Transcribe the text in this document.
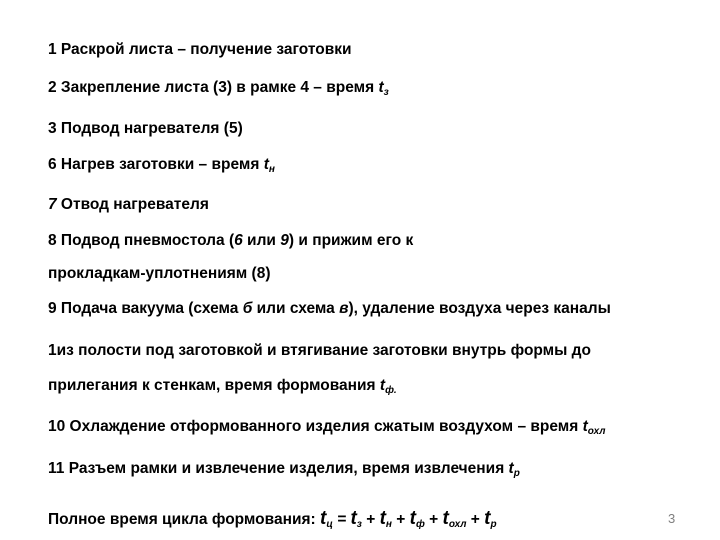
1 Раскрой листа – получение заготовки
2 Закрепление листа (3) в рамке 4 – время $t_з$
3 Подвод нагревателя (5)
6 Нагрев заготовки – время $t_н$
7 Отвод нагревателя
8 Подвод пневмостола (6 или 9) и прижим его к
прокладкам-уплотнениям (8)
9 Подача вакуума (схема б или схема в), удаление воздуха через каналы
1из полости под заготовкой и втягивание заготовки внутрь формы до
прилегания к стенкам, время формования $t_{ф.}$
10 Охлаждение отформованного изделия сжатым воздухом – время $t_{охл}$
11 Разъем рамки и извлечение изделия, время извлечения $t_р$
Полное время цикла формования: $t_ц = t_з + t_н + t_ф + t_{охл} + t_р$	3
